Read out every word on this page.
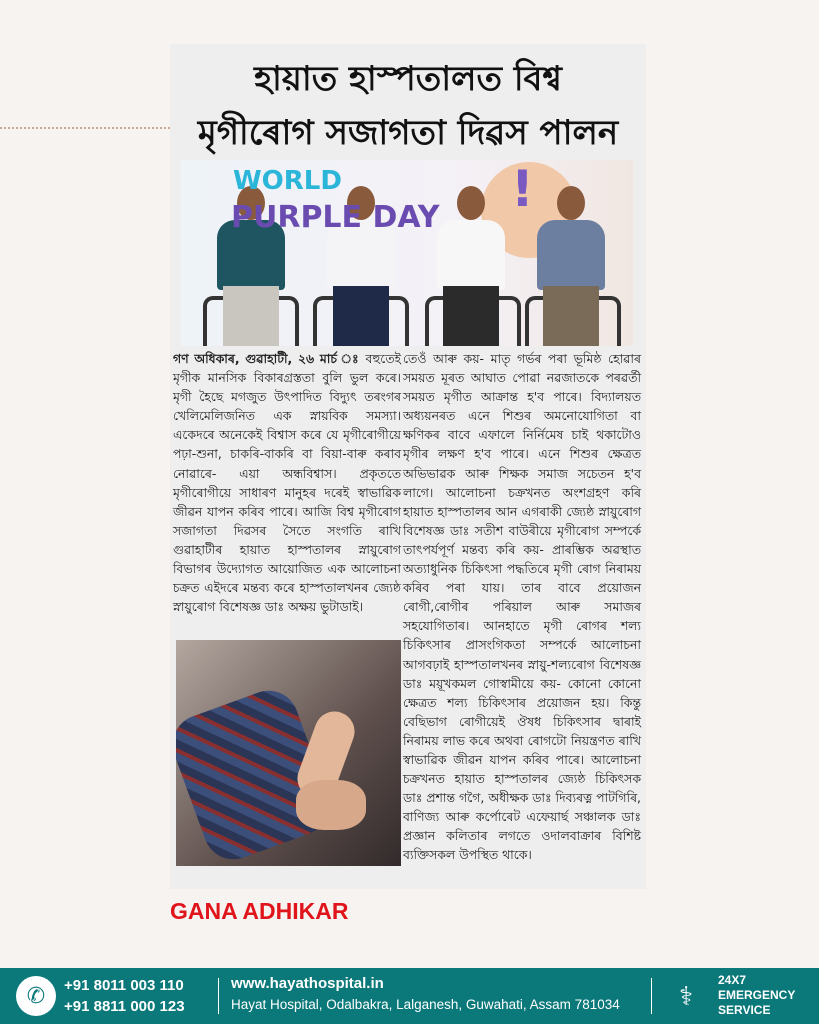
হায়াত হাস্পতালত বিশ্ব
মৃগীৰোগ সজাগতা দিৱস পালন
!
WORLD
PURPLE DAY

গণ অধিকাৰ, গুৱাহাটী, ২৬ মাৰ্চ ঃ বহুতেই মৃগীক মানসিক বিকাৰগ্ৰস্ততা বুলি ভুল কৰে। মৃগী হৈছে মগজুত উৎপাদিত বিদ্যুৎ তৰংগৰ খেলিমেলিজনিত এক স্নায়বিক সমস্যা। একেদৰে অনেকেই বিশ্বাস কৰে যে মৃগীৰোগীয়ে পঢ়া-শুনা, চাকৰি-বাকৰি বা বিয়া-বাৰু কৰাব নোৱাৰে- এয়া অন্ধবিশ্বাস। প্ৰকৃততে মৃগীৰোগীয়ে সাধাৰণ মানুহৰ দৰেই স্বাভাৱিক জীৱন যাপন কৰিব পাৰে। আজি বিশ্ব মৃগীৰোগ সজাগতা দিৱসৰ সৈতে সংগতি ৰাখি গুৱাহাটীৰ হায়াত হাস্পতালৰ স্নায়ুৰোগ বিভাগৰ উদ্যোগত আয়োজিত এক আলোচনা চক্ৰত এইদৰে মন্তব্য কৰে হাস্পতালখনৰ জ্যেষ্ঠ স্নায়ুৰোগ বিশেষজ্ঞ ডাঃ অক্ষয় ভুটাডাই।

তেওঁ আৰু কয়- মাতৃ গৰ্ভৰ পৰা ভূমিষ্ঠ হোৱাৰ সময়ত মূৰত আঘাত পোৱা নৱজাতকে পৰৱৰ্তী সময়ত মৃগীত আক্ৰান্ত হ'ব পাৰে। বিদ্যালয়ত অধ্যয়নৰত এনে শিশুৰ অমনোযোগিতা বা ক্ষণিকৰ বাবে এফালে নিৰ্নিমেষ চাই থকাটোও মৃগীৰ লক্ষণ হ'ব পাৰে। এনে শিশুৰ ক্ষেত্ৰত অভিভাৱক আৰু শিক্ষক সমাজ সচেতন হ'ব লাগে। আলোচনা চক্ৰখনত অংশগ্ৰহণ কৰি হায়াত হাস্পতালৰ আন এগৰাকী জ্যেষ্ঠ স্নায়ুৰোগ বিশেষজ্ঞ ডাঃ সতীশ বাউৰীয়ে মৃগীৰোগ সম্পৰ্কে তাৎপৰ্যপূৰ্ণ মন্তব্য কৰি কয়- প্ৰাৰম্ভিক অৱস্থাত অত্যাধুনিক চিকিৎসা পদ্ধতিৰে মৃগী ৰোগ নিৰাময় কৰিব পৰা যায়। তাৰ বাবে প্ৰয়োজন ৰোগী,ৰোগীৰ পৰিয়াল আৰু সমাজৰ সহযোগিতাৰ। আনহাতে মৃগী ৰোগৰ শল্য চিকিৎসাৰ প্ৰাসংগিকতা সম্পৰ্কে আলোচনা আগবঢ়াই হাস্পতালখনৰ স্নায়ু-শল্যৰোগ বিশেষজ্ঞ ডাঃ ময়ূখকমল গোস্বামীয়ে কয়- কোনো কোনো ক্ষেত্ৰত শল্য চিকিৎসাৰ প্ৰয়োজন হয়। কিন্তু বেছিভাগ ৰোগীয়েই ঔষধ চিকিৎসাৰ দ্বাৰাই নিৰাময় লাভ কৰে অথবা ৰোগটো নিয়ন্ত্ৰণত ৰাখি স্বাভাৱিক জীৱন যাপন কৰিব পাৰে। আলোচনা চক্ৰখনত হায়াত হাস্পতালৰ জ্যেষ্ঠ চিকিৎসক ডাঃ প্ৰশান্ত গগৈ, অধীক্ষক ডাঃ দিব্যৰত্ন পাটগিৰি, বাণিজ্য আৰু কৰ্পোৰেট এফেয়াৰ্ছ সঞ্চালক ডাঃ প্ৰজ্ঞান কলিতাৰ লগতে ওদালবাক্ৰাৰ বিশিষ্ট ব্যক্তিসকল উপস্থিত থাকে।

GANA ADHIKAR
✆	+91 8011 003 110
+91 8811 000 123
www.hayathospital.in
Hayat Hospital, Odalbakra, Lalganesh, Guwahati, Assam 781034	⚕
24X7
EMERGENCY
SERVICE
